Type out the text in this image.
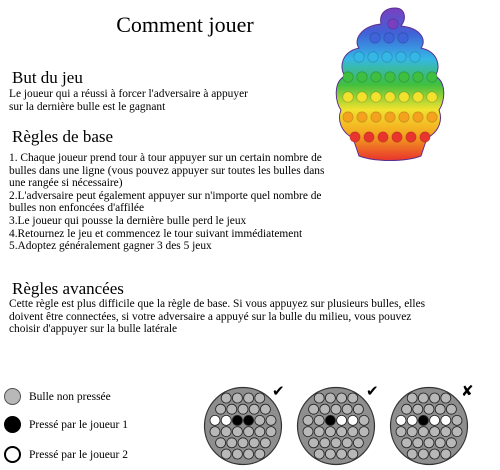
Comment jouer
But du jeu
Le joueur qui a réussi à forcer l'adversaire à appuyer
sur la dernière bulle est le gagnant
Règles de base
1. Chaque joueur prend tour à tour appuyer sur un certain nombre de
bulles dans une ligne (vous pouvez appuyer sur toutes les bulles dans
une rangée si nécessaire)
2.L'adversaire peut également appuyer sur n'importe quel nombre de
bulles non enfoncées d'affilée
3.Le joueur qui pousse la dernière bulle perd le jeux
4.Retournez le jeu et commencez le tour suivant immédiatement
5.Adoptez généralement gagner 3 des 5 jeux
Règles avancées
Cette règle est plus difficile que la règle de base. Si vous appuyez sur plusieurs bulles, elles
doivent être connectées, si votre adversaire a appuyé sur la bulle du milieu, vous pouvez
choisir d'appuyer sur la bulle latérale
Bulle non pressée
Pressé par le joueur 1
Pressé par le joueur 2
✔	✔	✘
